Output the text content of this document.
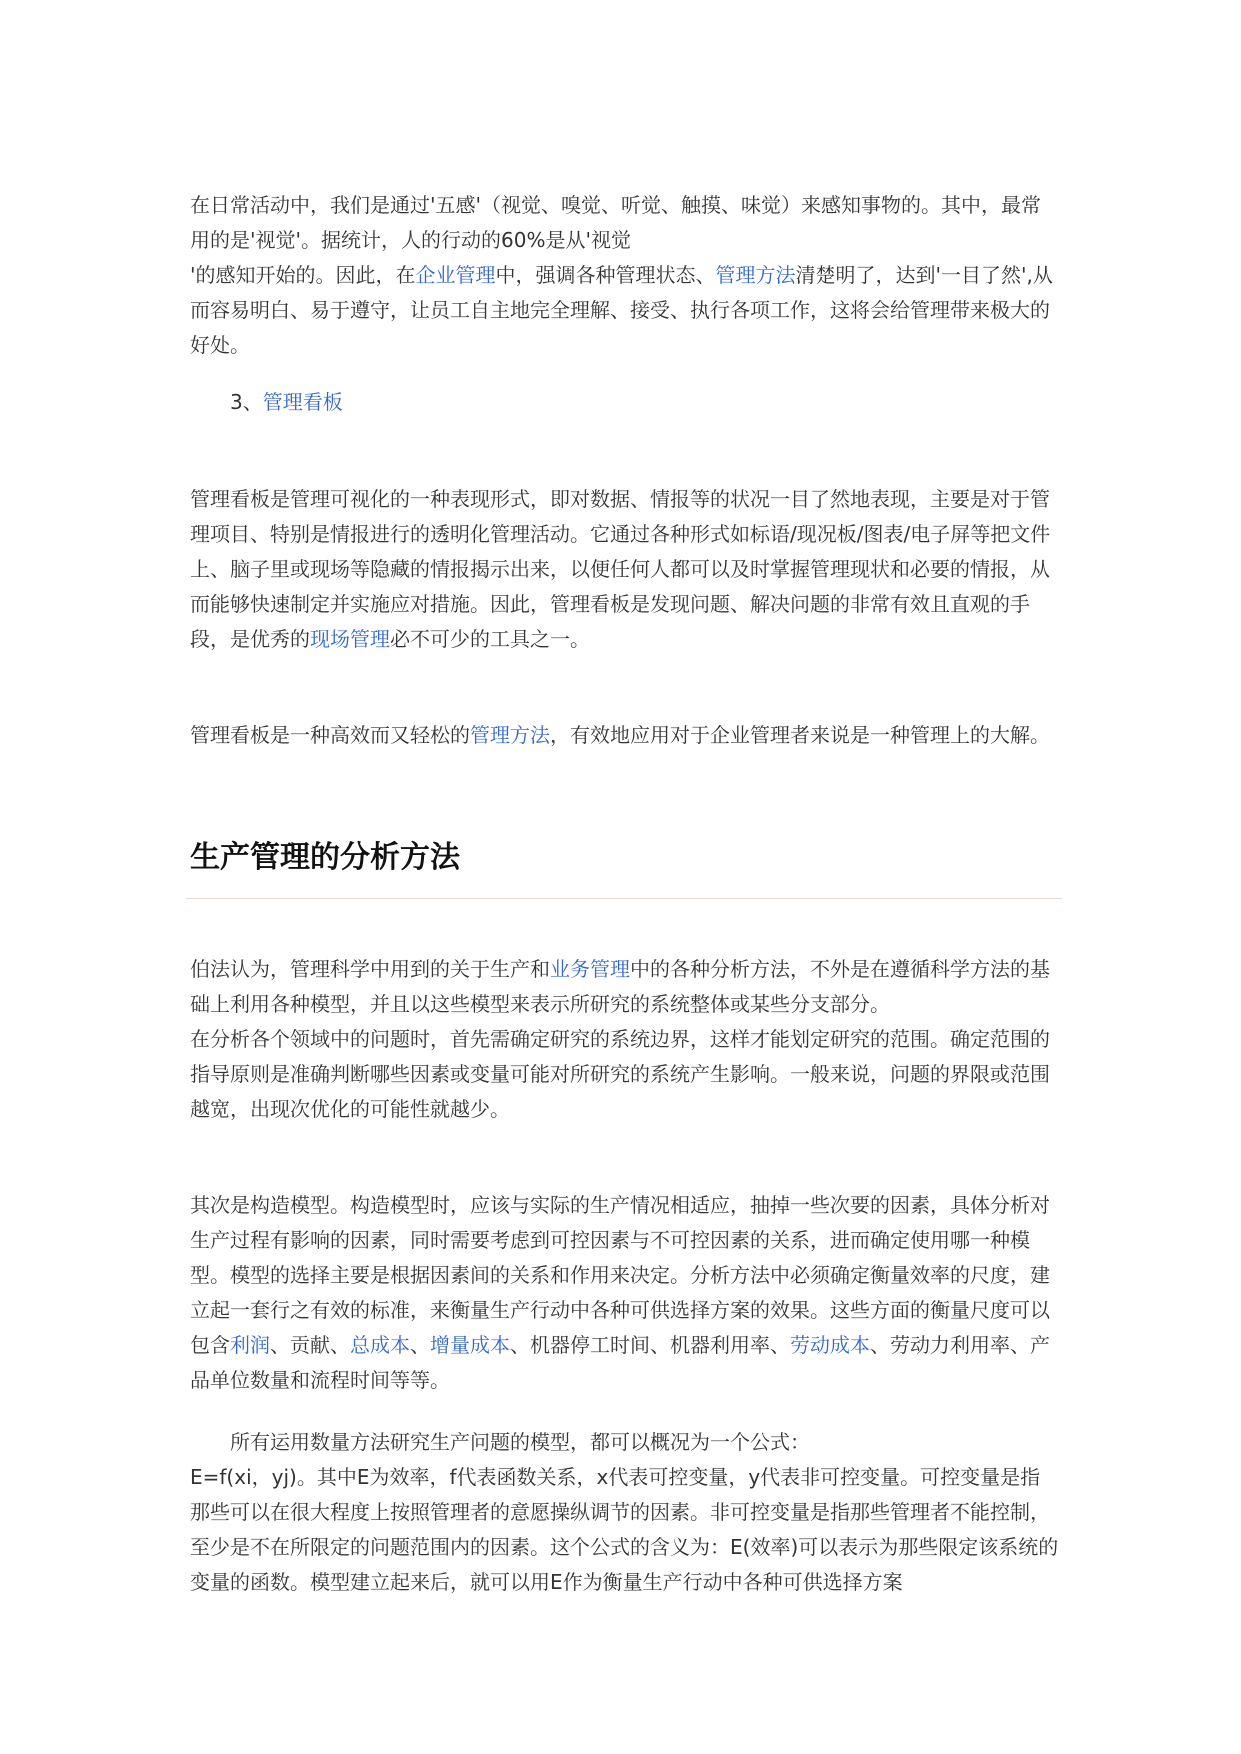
在日常活动中，我们是通过'五感'（视觉、嗅觉、听觉、触摸、味觉）来感知事物的。其中，最常用的是'视觉'。据统计，人的行动的60%是从'视觉
'的感知开始的。因此，在企业管理中，强调各种管理状态、管理方法清楚明了，达到'一目了然',从而容易明白、易于遵守，让员工自主地完全理解、接受、执行各项工作，这将会给管理带来极大的好处。

3、管理看板

管理看板是管理可视化的一种表现形式，即对数据、情报等的状况一目了然地表现，主要是对于管理项目、特别是情报进行的透明化管理活动。它通过各种形式如标语/现况板/图表/电子屏等把文件上、脑子里或现场等隐藏的情报揭示出来，以便任何人都可以及时掌握管理现状和必要的情报，从而能够快速制定并实施应对措施。因此，管理看板是发现问题、解决问题的非常有效且直观的手段，是优秀的现场管理必不可少的工具之一。

管理看板是一种高效而又轻松的管理方法，有效地应用对于企业管理者来说是一种管理上的大解。

生产管理的分析方法

伯法认为，管理科学中用到的关于生产和业务管理中的各种分析方法，不外是在遵循科学方法的基础上利用各种模型，并且以这些模型来表示所研究的系统整体或某些分支部分。
在分析各个领域中的问题时，首先需确定研究的系统边界，这样才能划定研究的范围。确定范围的指导原则是准确判断哪些因素或变量可能对所研究的系统产生影响。一般来说，问题的界限或范围越宽，出现次优化的可能性就越少。

其次是构造模型。构造模型时，应该与实际的生产情况相适应，抽掉一些次要的因素，具体分析对生产过程有影响的因素，同时需要考虑到可控因素与不可控因素的关系，进而确定使用哪一种模型。模型的选择主要是根据因素间的关系和作用来决定。分析方法中必须确定衡量效率的尺度，建立起一套行之有效的标准，来衡量生产行动中各种可供选择方案的效果。这些方面的衡量尺度可以包含利润、贡献、总成本、增量成本、机器停工时间、机器利用率、劳动成本、劳动力利用率、产品单位数量和流程时间等等。

所有运用数量方法研究生产问题的模型，都可以概况为一个公式：
E=f(xi，yj)。其中E为效率，f代表函数关系，x代表可控变量，y代表非可控变量。可控变量是指那些可以在很大程度上按照管理者的意愿操纵调节的因素。非可控变量是指那些管理者不能控制，至少是不在所限定的问题范围内的因素。这个公式的含义为：E(效率)可以表示为那些限定该系统的变量的函数。模型建立起来后，就可以用E作为衡量生产行动中各种可供选择方案
